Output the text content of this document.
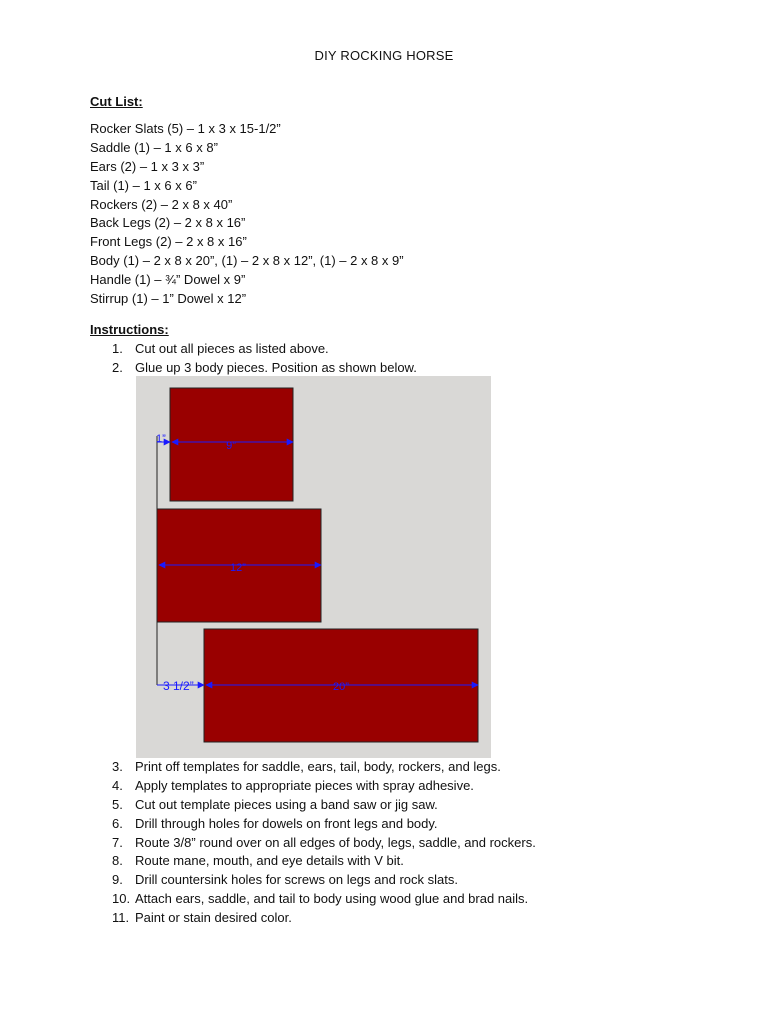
DIY ROCKING HORSE
Cut List:
Rocker Slats (5) – 1 x 3 x 15-1/2”
Saddle (1) – 1 x 6 x 8”
Ears (2) – 1 x 3 x 3”
Tail (1) – 1 x 6 x 6”
Rockers (2) – 2 x 8 x 40”
Back Legs (2) – 2 x 8 x 16”
Front Legs (2) – 2 x 8 x 16”
Body (1) – 2 x 8 x 20”, (1) – 2 x 8 x 12”, (1) – 2 x 8 x 9”
Handle (1) – ¾” Dowel x 9”
Stirrup (1) – 1” Dowel x 12”
Instructions:
1. Cut out all pieces as listed above.
2. Glue up 3 body pieces. Position as shown below.
1”
9”
12”
3 1/2”	20”
3. Print off templates for saddle, ears, tail, body, rockers, and legs.
4. Apply templates to appropriate pieces with spray adhesive.
5. Cut out template pieces using a band saw or jig saw.
6. Drill through holes for dowels on front legs and body.
7. Route 3/8” round over on all edges of body, legs, saddle, and rockers.
8. Route mane, mouth, and eye details with V bit.
9. Drill countersink holes for screws on legs and rock slats.
10. Attach ears, saddle, and tail to body using wood glue and brad nails.
11. Paint or stain desired color.
